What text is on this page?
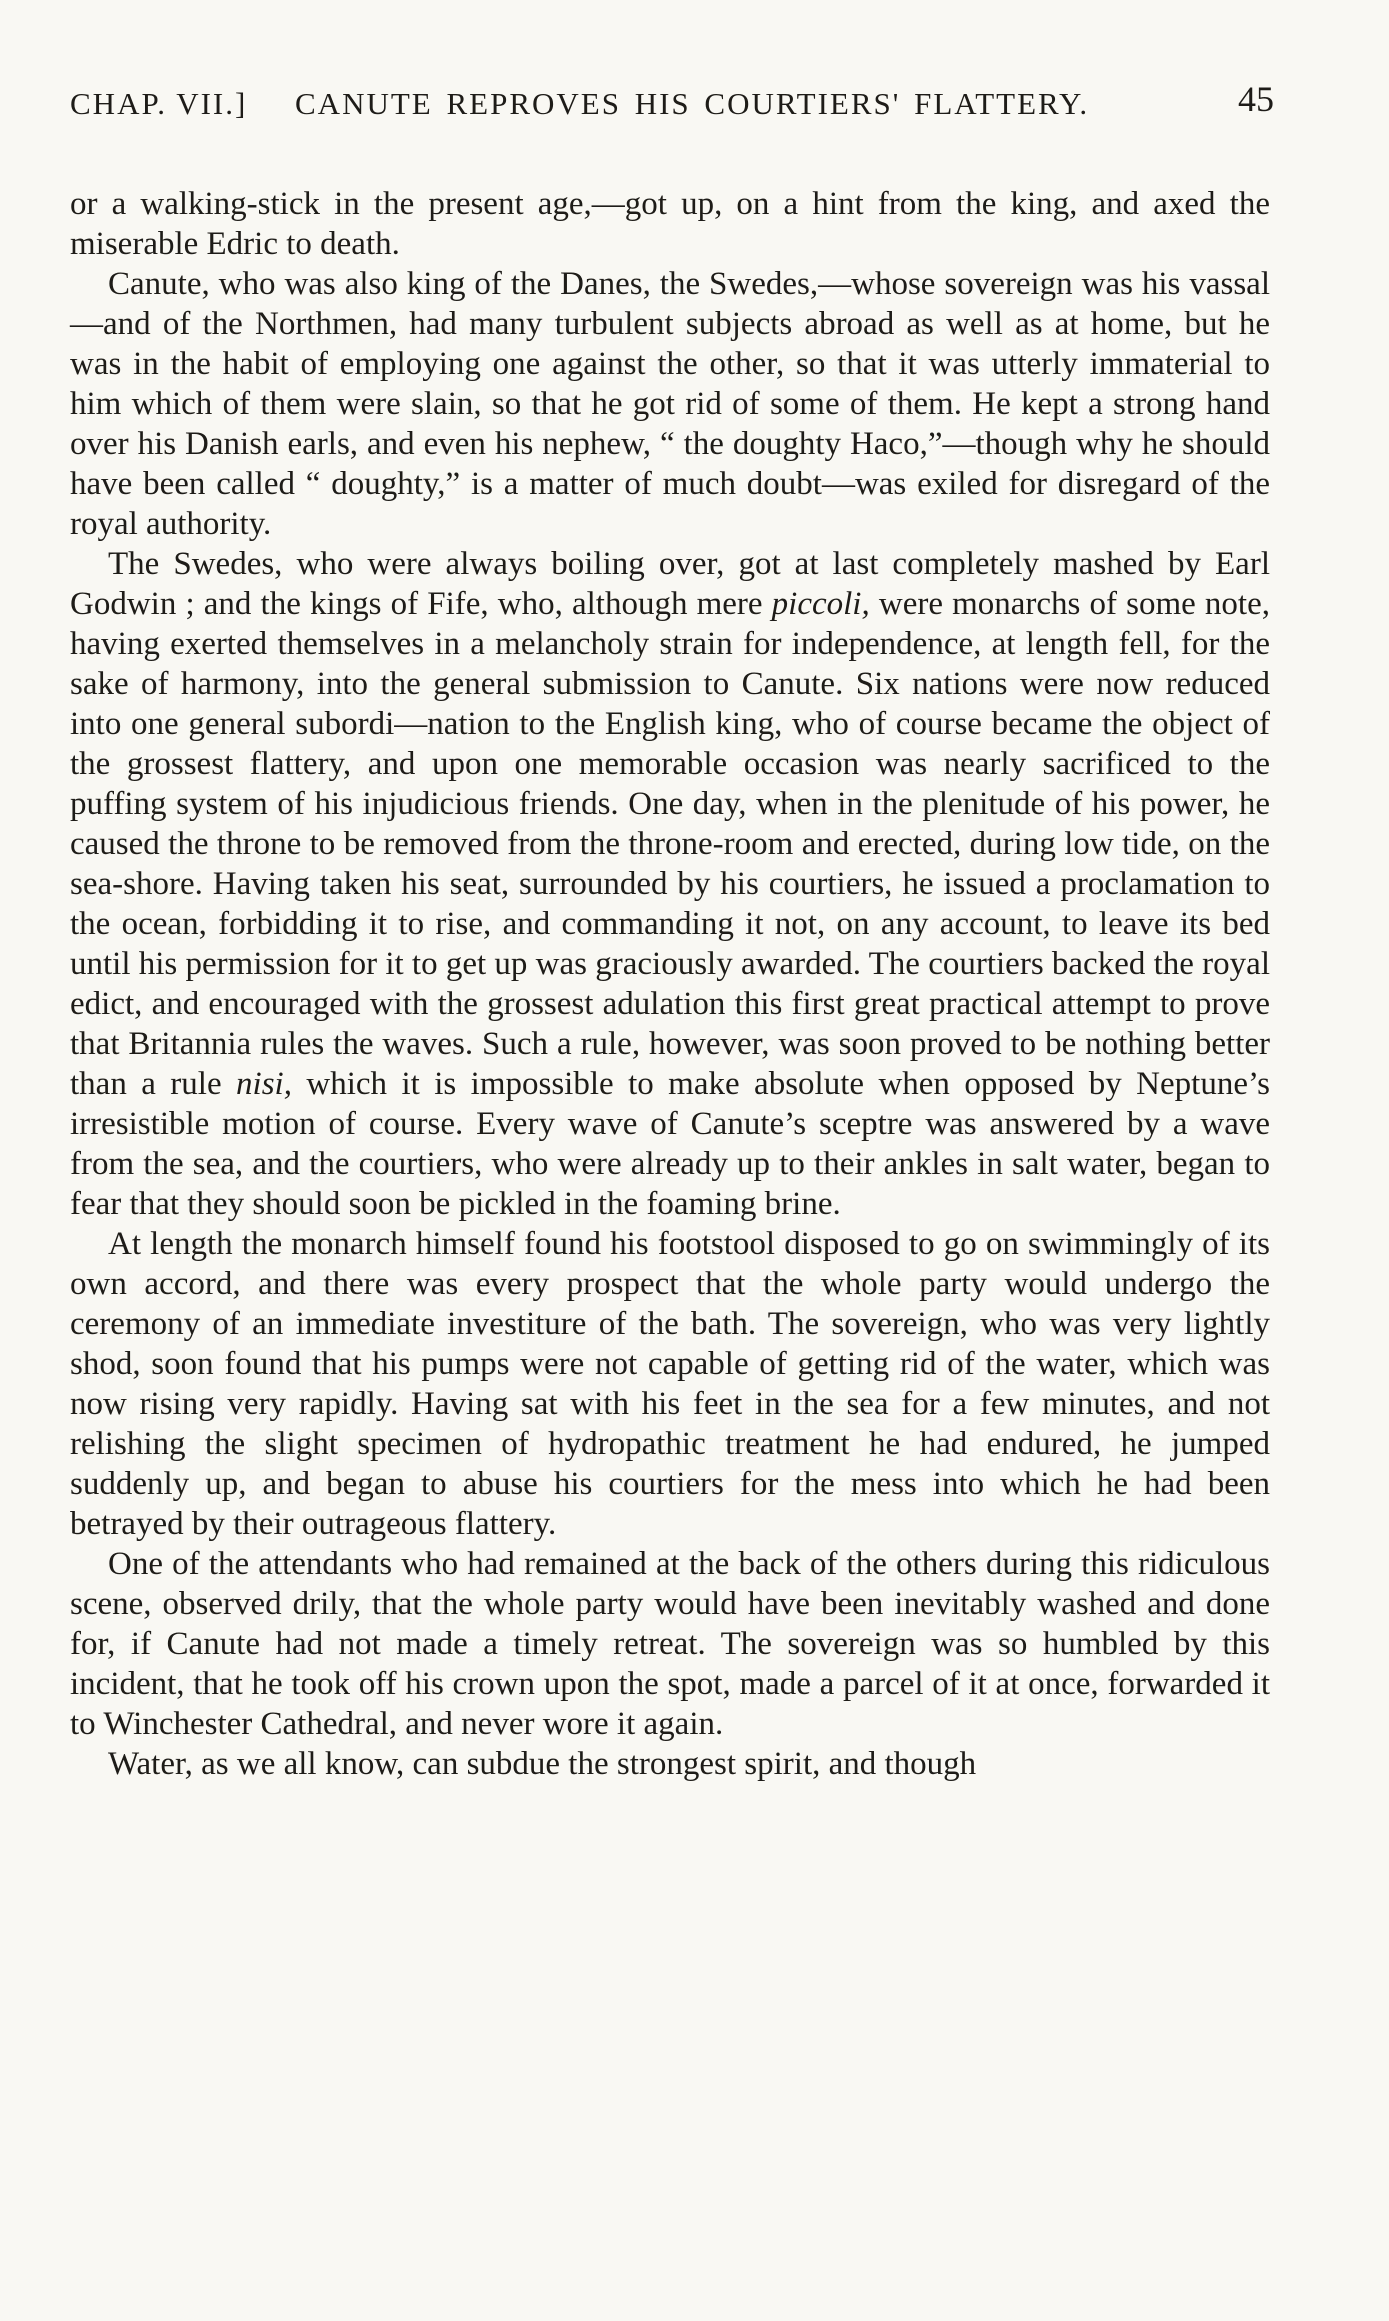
CHAP. VII.] CANUTE REPROVES HIS COURTIERS' FLATTERY.	45

or a walking-stick in the present age,—got up, on a hint from the king, and axed the miserable Edric to death.

Canute, who was also king of the Danes, the Swedes,—whose sovereign was his vassal—and of the Northmen, had many turbulent subjects abroad as well as at home, but he was in the habit of employing one against the other, so that it was utterly immaterial to him which of them were slain, so that he got rid of some of them. He kept a strong hand over his Danish earls, and even his nephew, “ the doughty Haco,”—though why he should have been called “ doughty,” is a matter of much doubt—was exiled for disregard of the royal authority.

The Swedes, who were always boiling over, got at last completely mashed by Earl Godwin ; and the kings of Fife, who, although mere piccoli, were monarchs of some note, having exerted themselves in a melancholy strain for independence, at length fell, for the sake of harmony, into the general submission to Canute. Six nations were now reduced into one general subordi—nation to the English king, who of course became the object of the grossest flattery, and upon one memorable occasion was nearly sacrificed to the puffing system of his injudicious friends. One day, when in the plenitude of his power, he caused the throne to be removed from the throne-room and erected, during low tide, on the sea-shore. Having taken his seat, surrounded by his courtiers, he issued a proclamation to the ocean, forbidding it to rise, and commanding it not, on any account, to leave its bed until his permission for it to get up was graciously awarded. The courtiers backed the royal edict, and encouraged with the grossest adulation this first great practical attempt to prove that Britannia rules the waves. Such a rule, however, was soon proved to be nothing better than a rule nisi, which it is impossible to make absolute when opposed by Neptune’s irresistible motion of course. Every wave of Canute’s sceptre was answered by a wave from the sea, and the courtiers, who were already up to their ankles in salt water, began to fear that they should soon be pickled in the foaming brine.

At length the monarch himself found his footstool disposed to go on swimmingly of its own accord, and there was every prospect that the whole party would undergo the ceremony of an immediate investiture of the bath. The sovereign, who was very lightly shod, soon found that his pumps were not capable of getting rid of the water, which was now rising very rapidly. Having sat with his feet in the sea for a few minutes, and not relishing the slight specimen of hydropathic treatment he had endured, he jumped suddenly up, and began to abuse his courtiers for the mess into which he had been betrayed by their outrageous flattery.

One of the attendants who had remained at the back of the others during this ridiculous scene, observed drily, that the whole party would have been inevitably washed and done for, if Canute had not made a timely retreat. The sovereign was so humbled by this incident, that he took off his crown upon the spot, made a parcel of it at once, forwarded it to Winchester Cathedral, and never wore it again.

Water, as we all know, can subdue the strongest spirit, and though
